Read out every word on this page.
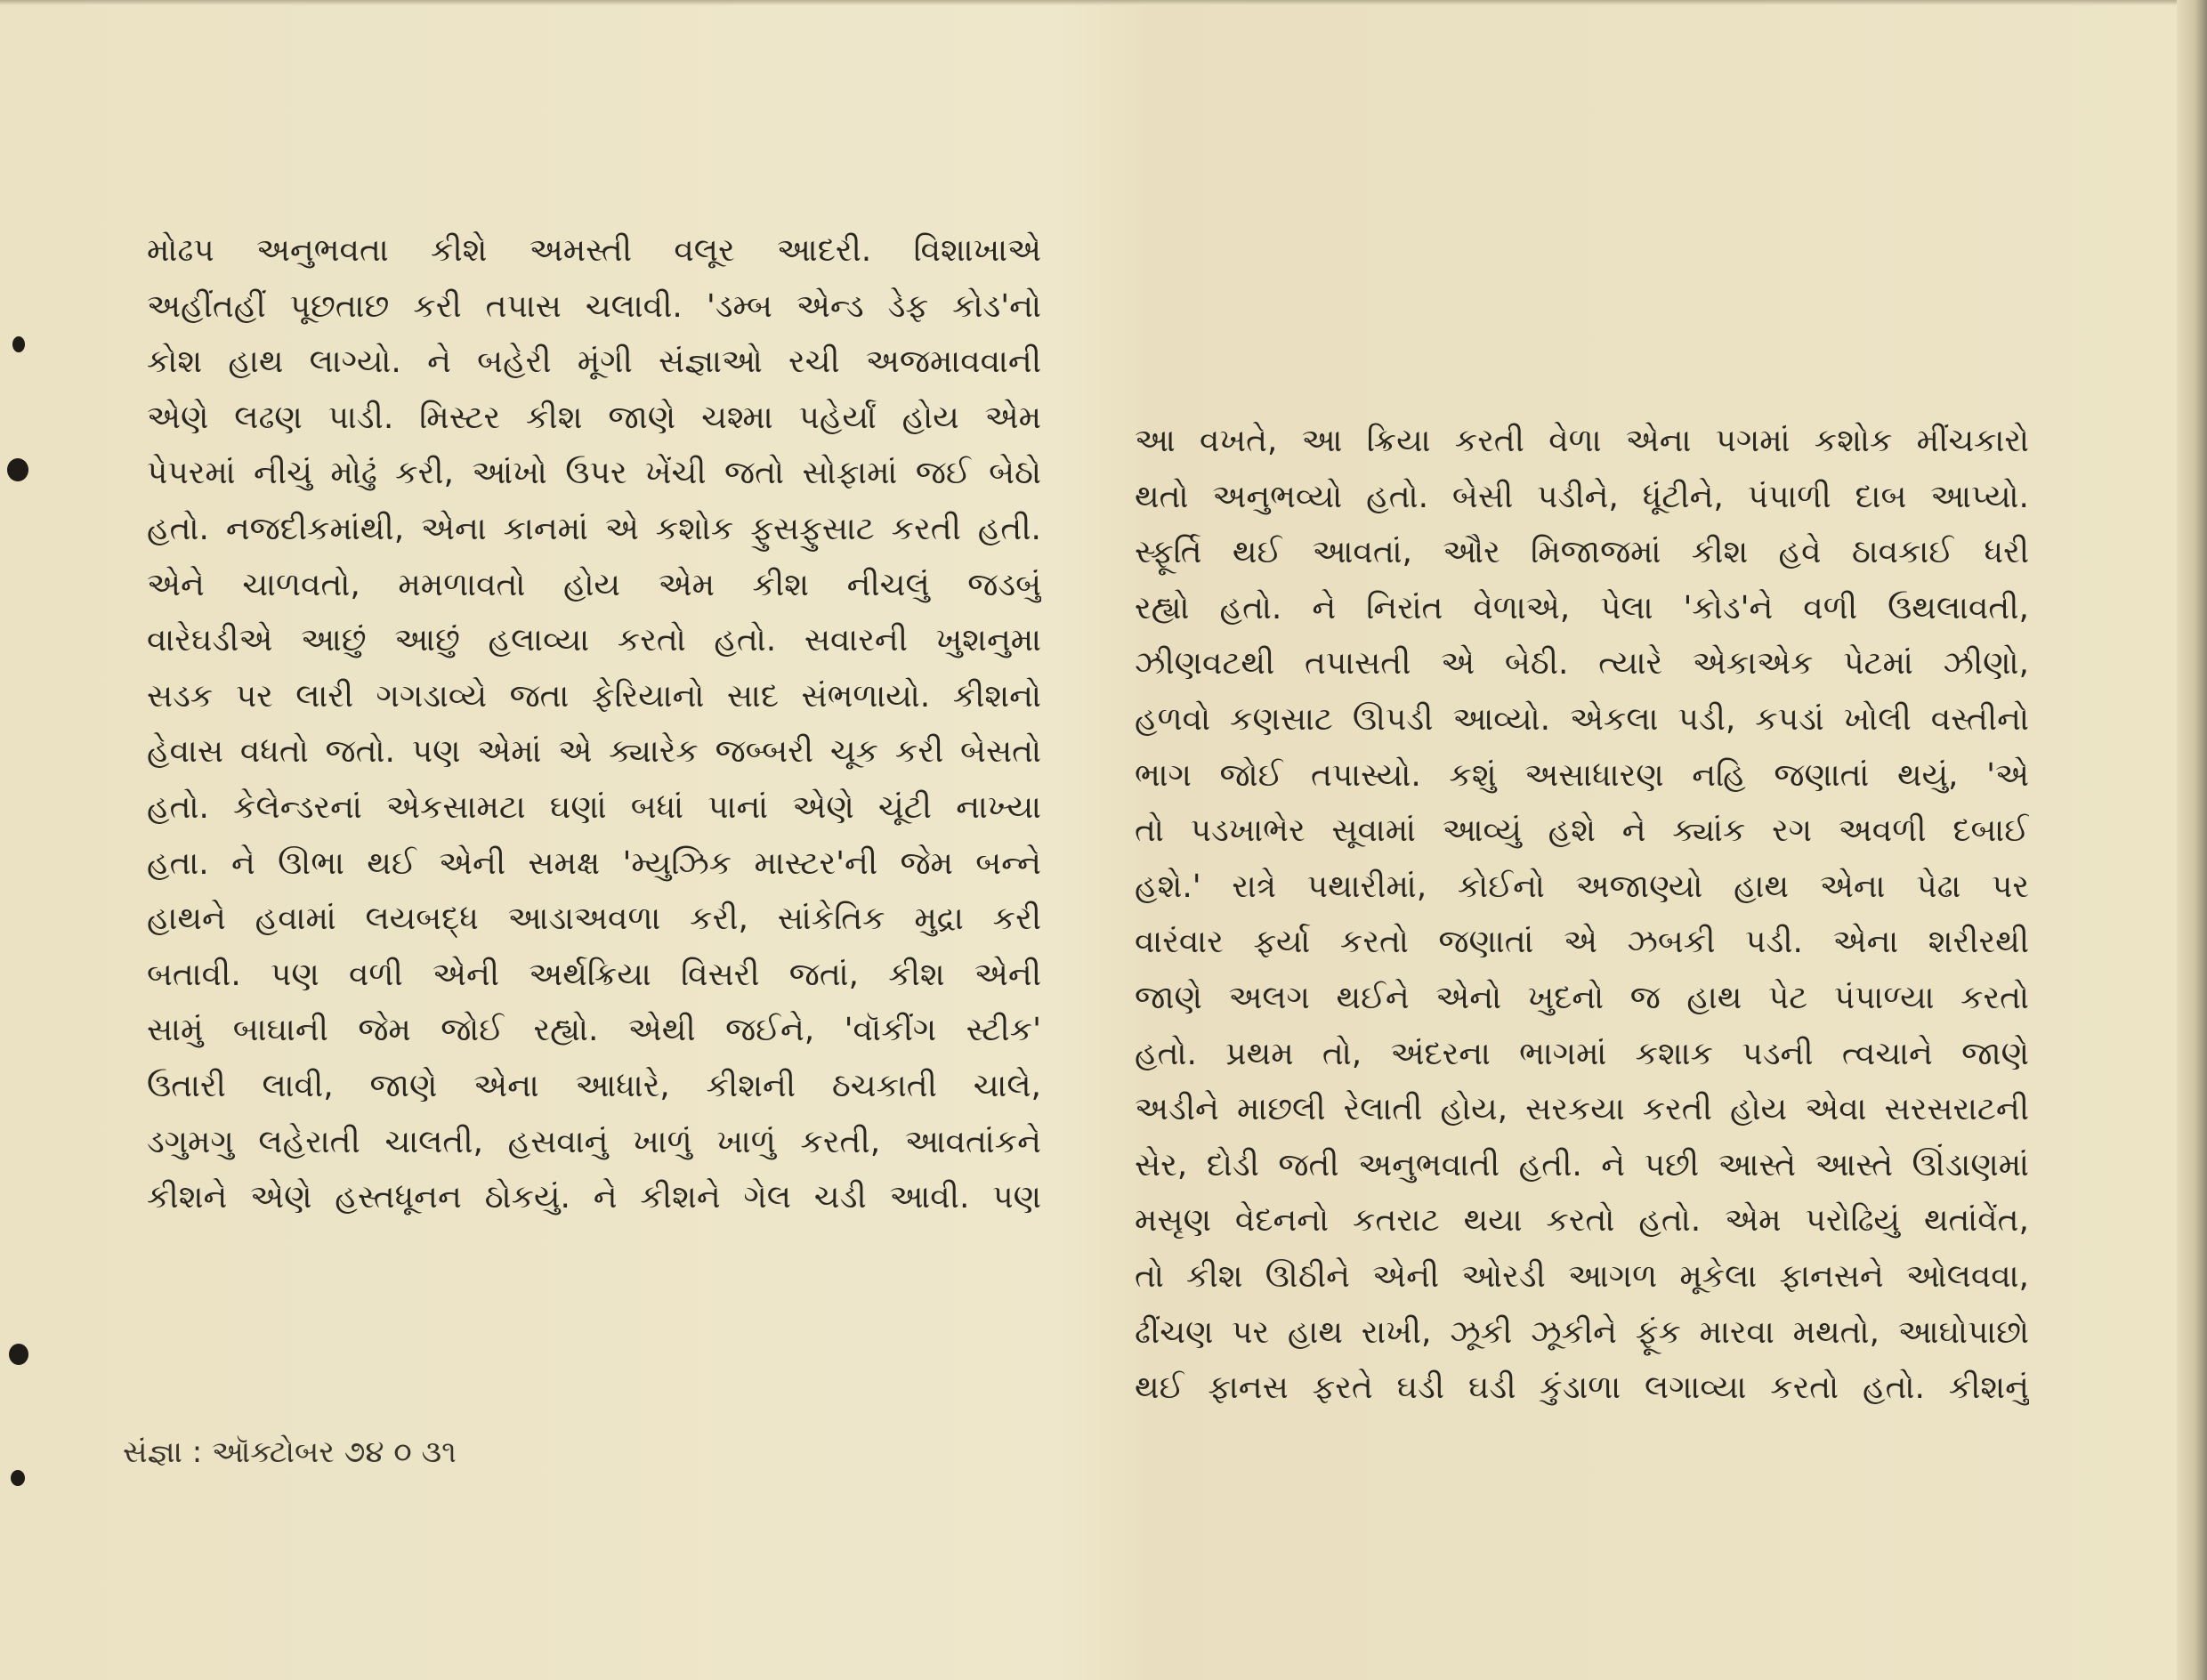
મોઢપ અનુભવતા કીશે અમસ્તી વલૂર આદરી. વિશાખાએ
અહીંતહીં પૂછતાછ કરી તપાસ ચલાવી. 'ડમ્બ એન્ડ ડેફ કોડ'નો
કોશ હાથ લાગ્યો. ને બહેરી મૂંગી સંજ્ઞાઓ રચી અજમાવવાની
એણે લઢણ પાડી. મિસ્ટર કીશ જાણે ચશ્મા પહેર્યાં હોય એમ
પેપરમાં નીચું મોઢું કરી, આંખો ઉપર ખેંચી જતો સોફામાં જઈ બેઠો
હતો. નજદીકમાંથી, એના કાનમાં એ કશોક ફુસફુસાટ કરતી હતી.
એને ચાળવતો, મમળાવતો હોય એમ કીશ નીચલું જડબું
વારેઘડીએ આછું આછું હલાવ્યા કરતો હતો. સવારની ખુશનુમા
સડક પર લારી ગગડાવ્યે જતા ફેરિયાનો સાદ સંભળાયો. કીશનો
હેવાસ વધતો જતો. પણ એમાં એ ક્યારેક જબ્બરી ચૂક કરી બેસતો
હતો. કેલેન્ડરનાં એકસામટા ઘણાં બધાં પાનાં એણે ચૂંટી નાખ્યા
હતા. ને ઊભા થઈ એની સમક્ષ 'મ્યુઝિક માસ્ટર'ની જેમ બન્ને
હાથને હવામાં લયબદ્ધ આડાઅવળા કરી, સાંકેતિક મુદ્રા કરી
બતાવી. પણ વળી એની અર્થક્રિયા વિસરી જતાં, કીશ એની
સામું બાઘાની જેમ જોઈ રહ્યો. એથી જઈને, 'વૉકીંગ સ્ટીક'
ઉતારી લાવી, જાણે એના આધારે, કીશની ઠચકાતી ચાલે,
ડગુમગુ લહેરાતી ચાલતી, હસવાનું ખાળું ખાળું કરતી, આવતાંકને
કીશને એણે હસ્તધૂનન ઠોકયું. ને કીશને ગેલ ચડી આવી. પણ
સંજ્ઞા : ઑક્ટોબર ૭૪ ૦ ૩૧
આ વખતે, આ ક્રિયા કરતી વેળા એના પગમાં કશોક મીંચકારો
થતો અનુભવ્યો હતો. બેસી પડીને, ધૂંટીને, પંપાળી દાબ આપ્યો.
સ્ફૂર્તિ થઈ આવતાં, ઔર મિજાજમાં કીશ હવે ઠાવકાઈ ધરી
રહ્યો હતો. ને નિરાંત વેળાએ, પેલા 'કોડ'ને વળી ઉથલાવતી,
ઝીણવટથી તપાસતી એ બેઠી. ત્યારે એકાએક પેટમાં ઝીણો,
હળવો કણસાટ ઊપડી આવ્યો. એકલા પડી, કપડાં ખોલી વસ્તીનો
ભાગ જોઈ તપાસ્યો. કશું અસાધારણ નહિ જણાતાં થયું, 'એ
તો પડખાભેર સૂવામાં આવ્યું હશે ને ક્યાંક રગ અવળી દબાઈ
હશે.' રાત્રે પથારીમાં, કોઈનો અજાણ્યો હાથ એના પેઢા પર
વારંવાર ફર્યા કરતો જણાતાં એ ઝબકી પડી. એના શરીરથી
જાણે અલગ થઈને એનો ખુદનો જ હાથ પેટ પંપાળ્યા કરતો
હતો. પ્રથમ તો, અંદરના ભાગમાં કશાક પડની ત્વચાને જાણે
અડીને માછલી રેલાતી હોય, સરકયા કરતી હોય એવા સરસરાટની
સેર, દોડી જતી અનુભવાતી હતી. ને પછી આસ્તે આસ્તે ઊંડાણમાં
મસૃણ વેદનનો કતરાટ થયા કરતો હતો. એમ પરોઢિયું થતાંવેંત,
તો કીશ ઊઠીને એની ઓરડી આગળ મૂકેલા ફાનસને ઓલવવા,
ઢીંચણ પર હાથ રાખી, ઝૂકી ઝૂકીને ફૂંક મારવા મથતો, આઘોપાછો
થઈ ફાનસ ફરતે ઘડી ઘડી કુંડાળા લગાવ્યા કરતો હતો. કીશનું
